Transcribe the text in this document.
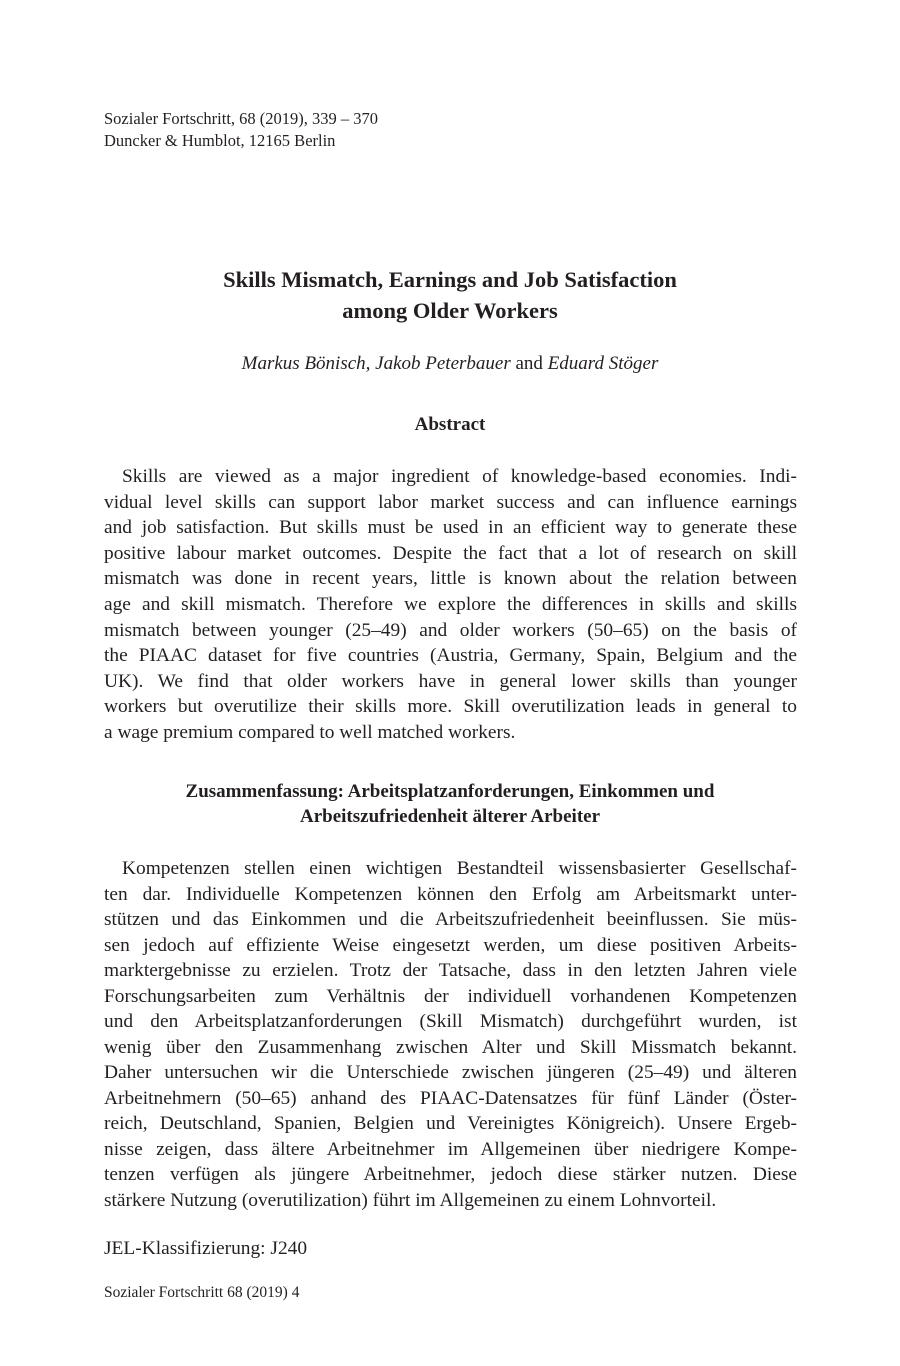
Sozialer Fortschritt, 68 (2019), 339 – 370
Duncker & Humblot, 12165 Berlin
Skills Mismatch, Earnings and Job Satisfaction
among Older Workers
Markus Bönisch, Jakob Peterbauer and Eduard Stöger
Abstract
Skills are viewed as a major ingredient of knowledge-based economies. Indi-
vidual level skills can support labor market success and can influence earnings
and job satisfaction. But skills must be used in an efficient way to generate these
positive labour market outcomes. Despite the fact that a lot of research on skill
mismatch was done in recent years, little is known about the relation between
age and skill mismatch. Therefore we explore the differences in skills and skills
mismatch between younger (25–49) and older workers (50–65) on the basis of
the PIAAC dataset for five countries (Austria, Germany, Spain, Belgium and the
UK). We find that older workers have in general lower skills than younger
workers but overutilize their skills more. Skill overutilization leads in general to
a wage premium compared to well matched workers.
Zusammenfassung: Arbeitsplatzanforderungen, Einkommen und
Arbeitszufriedenheit älterer Arbeiter
Kompetenzen stellen einen wichtigen Bestandteil wissensbasierter Gesellschaf-
ten dar. Individuelle Kompetenzen können den Erfolg am Arbeitsmarkt unter-
stützen und das Einkommen und die Arbeitszufriedenheit beeinflussen. Sie müs-
sen jedoch auf effiziente Weise eingesetzt werden, um diese positiven Arbeits-
marktergebnisse zu erzielen. Trotz der Tatsache, dass in den letzten Jahren viele
Forschungsarbeiten zum Verhältnis der individuell vorhandenen Kompetenzen
und den Arbeitsplatzanforderungen (Skill Mismatch) durchgeführt wurden, ist
wenig über den Zusammenhang zwischen Alter und Skill Missmatch bekannt.
Daher untersuchen wir die Unterschiede zwischen jüngeren (25–49) und älteren
Arbeitnehmern (50–65) anhand des PIAAC-Datensatzes für fünf Länder (Öster-
reich, Deutschland, Spanien, Belgien und Vereinigtes Königreich). Unsere Ergeb-
nisse zeigen, dass ältere Arbeitnehmer im Allgemeinen über niedrigere Kompe-
tenzen verfügen als jüngere Arbeitnehmer, jedoch diese stärker nutzen. Diese
stärkere Nutzung (overutilization) führt im Allgemeinen zu einem Lohnvorteil.
JEL-Klassifizierung: J240
Sozialer Fortschritt 68 (2019) 4
